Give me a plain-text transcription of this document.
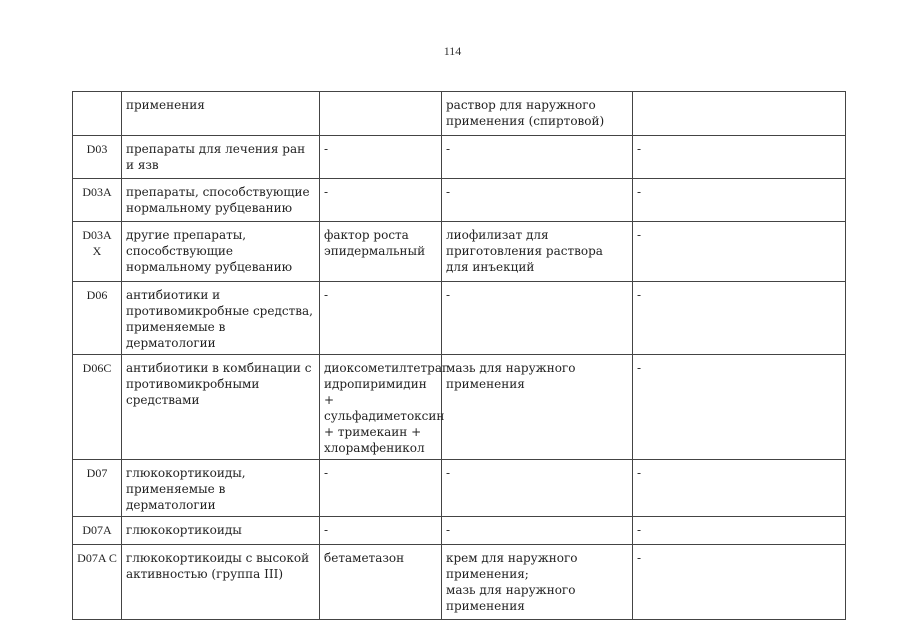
114
	применения		раствор для наружного
применения (спиртовой)	

D03	препараты для лечения ран и язв	-	-	-
D03A	препараты, способствующие нормальному рубцеванию	-	-	-
D03A X	другие препараты, способствующие нормальному рубцеванию	фактор роста эпидермальный	лиофилизат для приготовления раствора для инъекций	-
D06	антибиотики и противомикробные средства, применяемые в дерматологии	-	-	-
D06C	антибиотики в комбинации с противомикробными средствами	диоксометилтетраг идропиримидин + сульфадиметоксин + тримекаин + хлорамфеникол	мазь для наружного применения	-
D07	глюкокортикоиды, применяемые в дерматологии	-	-	-
D07A	глюкокортикоиды	-	-	-
D07A C	глюкокортикоиды с высокой активностью (группа III)	бетаметазон	крем для наружного применения;
мазь для наружного применения	-
